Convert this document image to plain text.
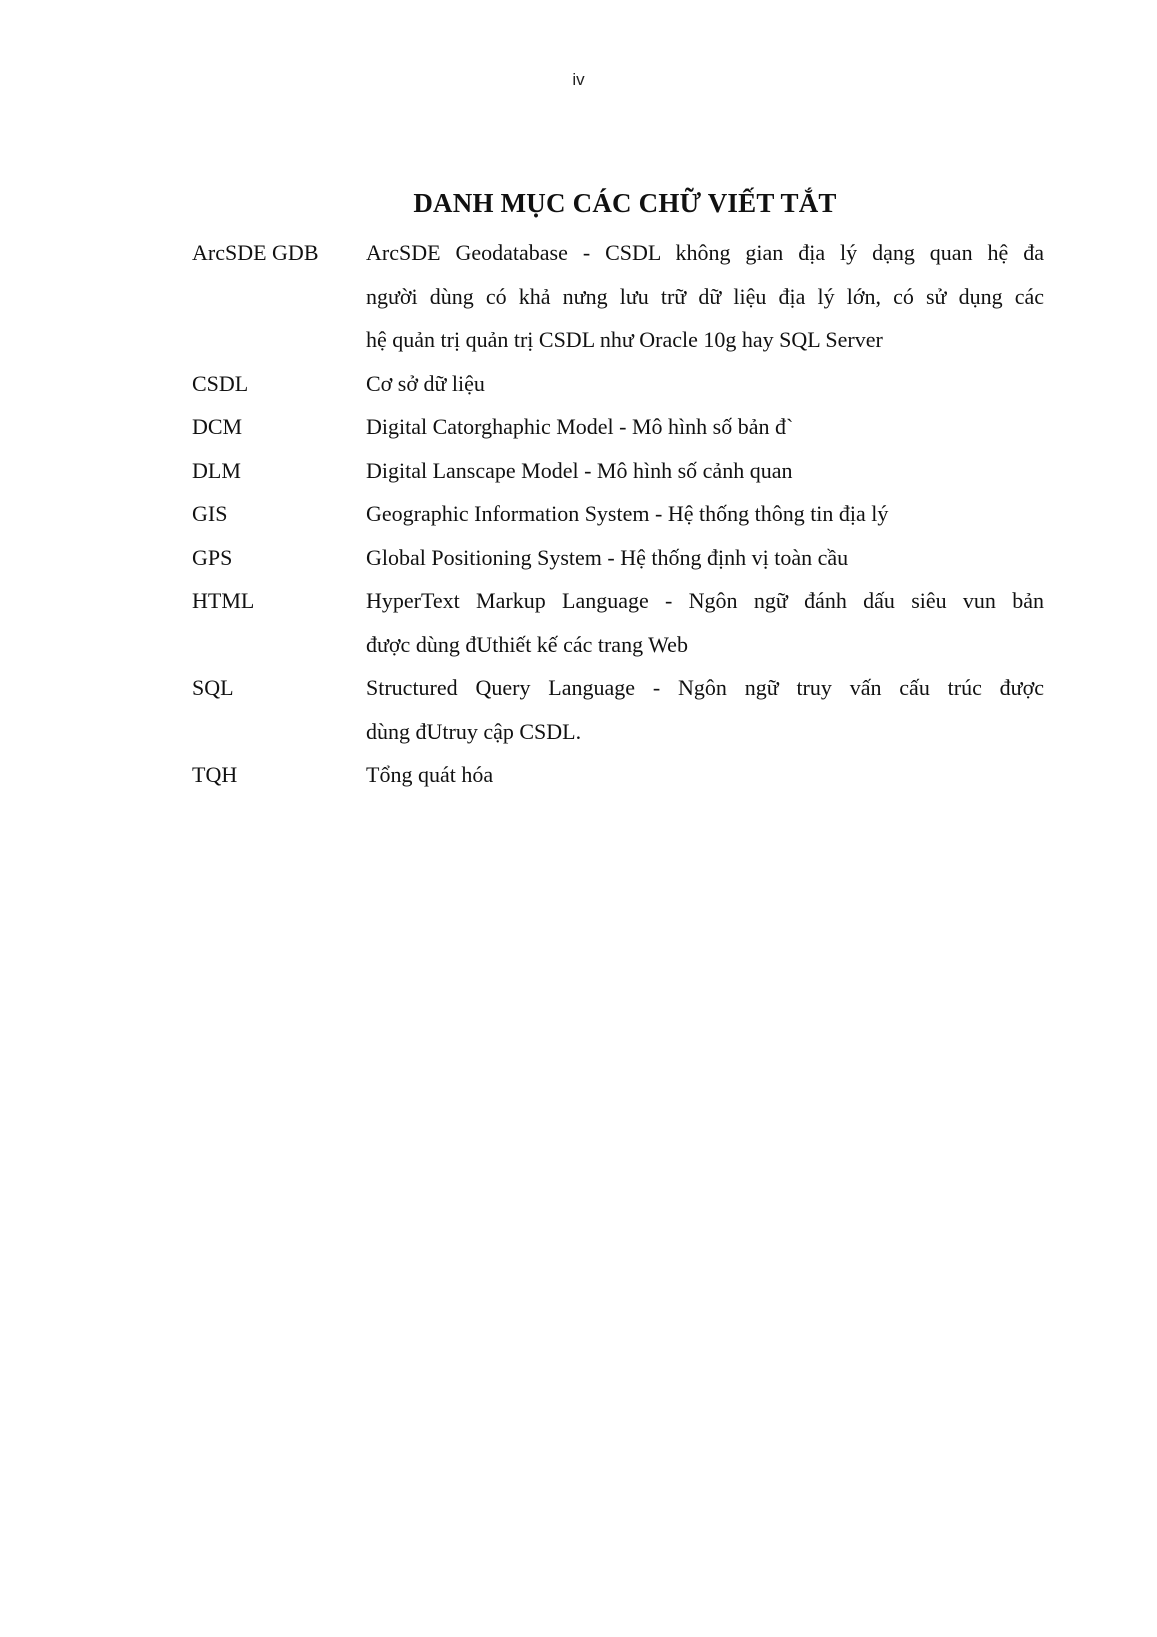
iv
DANH MỤC CÁC CHỮ VIẾT TẮT
ArcSDE GDB	ArcSDE Geodatabase - CSDL không gian địa lý dạng quan hệ đa
người dùng có khả nưng lưu trữ dữ liệu địa lý lớn, có sử dụng các
hệ quản trị quản trị CSDL như Oracle 10g hay SQL Server
CSDL	Cơ sở dữ liệu
DCM	Digital Catorghaphic Model - Mô hình số bản đ`
DLM	Digital Lanscape Model - Mô hình số cảnh quan
GIS	Geographic Information System - Hệ thống thông tin địa lý
GPS	Global Positioning System - Hệ thống định vị toàn cầu
HTML	HyperText Markup Language - Ngôn ngữ đánh dấu siêu vun bản
được dùng đUthiết kế các trang Web
SQL	Structured Query Language - Ngôn ngữ truy vấn cấu trúc được
dùng đUtruy cập CSDL.
TQH	Tổng quát hóa
